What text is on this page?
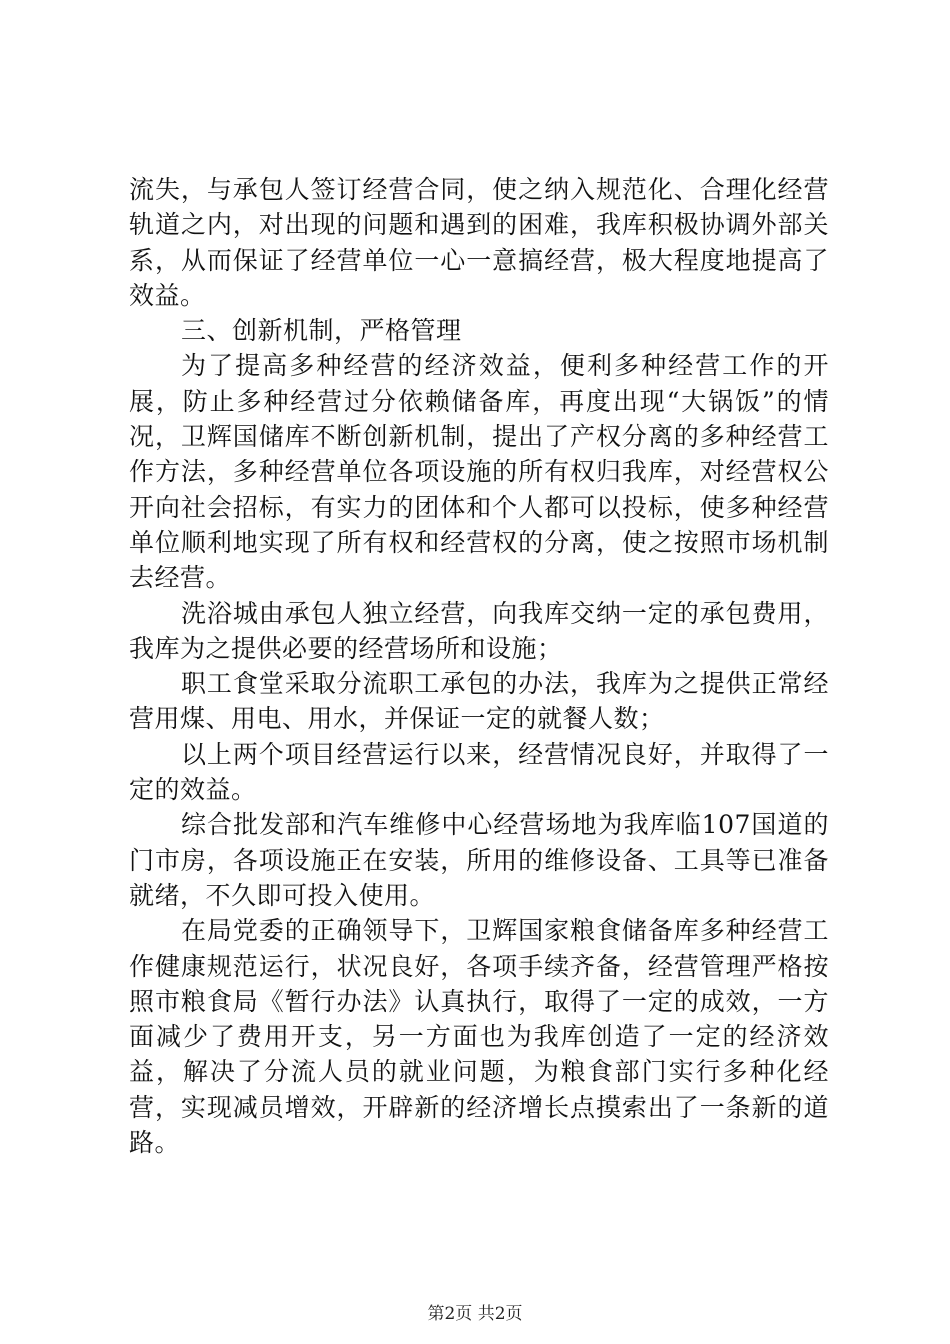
流失，与承包人签订经营合同，使之纳入规范化、合理化经营轨道之内，对出现的问题和遇到的困难，我库积极协调外部关系，从而保证了经营单位一心一意搞经营，极大程度地提高了效益。

三、创新机制，严格管理

为了提高多种经营的经济效益，便利多种经营工作的开展，防止多种经营过分依赖储备库，再度出现“大锅饭”的情况，卫辉国储库不断创新机制，提出了产权分离的多种经营工作方法，多种经营单位各项设施的所有权归我库，对经营权公开向社会招标，有实力的团体和个人都可以投标，使多种经营单位顺利地实现了所有权和经营权的分离，使之按照市场机制去经营。

洗浴城由承包人独立经营，向我库交纳一定的承包费用，我库为之提供必要的经营场所和设施；

职工食堂采取分流职工承包的办法，我库为之提供正常经营用煤、用电、用水，并保证一定的就餐人数；

以上两个项目经营运行以来，经营情况良好，并取得了一定的效益。

综合批发部和汽车维修中心经营场地为我库临107国道的门市房，各项设施正在安装，所用的维修设备、工具等已准备就绪，不久即可投入使用。

在局党委的正确领导下，卫辉国家粮食储备库多种经营工作健康规范运行，状况良好，各项手续齐备，经营管理严格按照市粮食局《暂行办法》认真执行，取得了一定的成效，一方面减少了费用开支，另一方面也为我库创造了一定的经济效益，解决了分流人员的就业问题，为粮食部门实行多种化经营，实现减员增效，开辟新的经济增长点摸索出了一条新的道路。

第2页 共2页
